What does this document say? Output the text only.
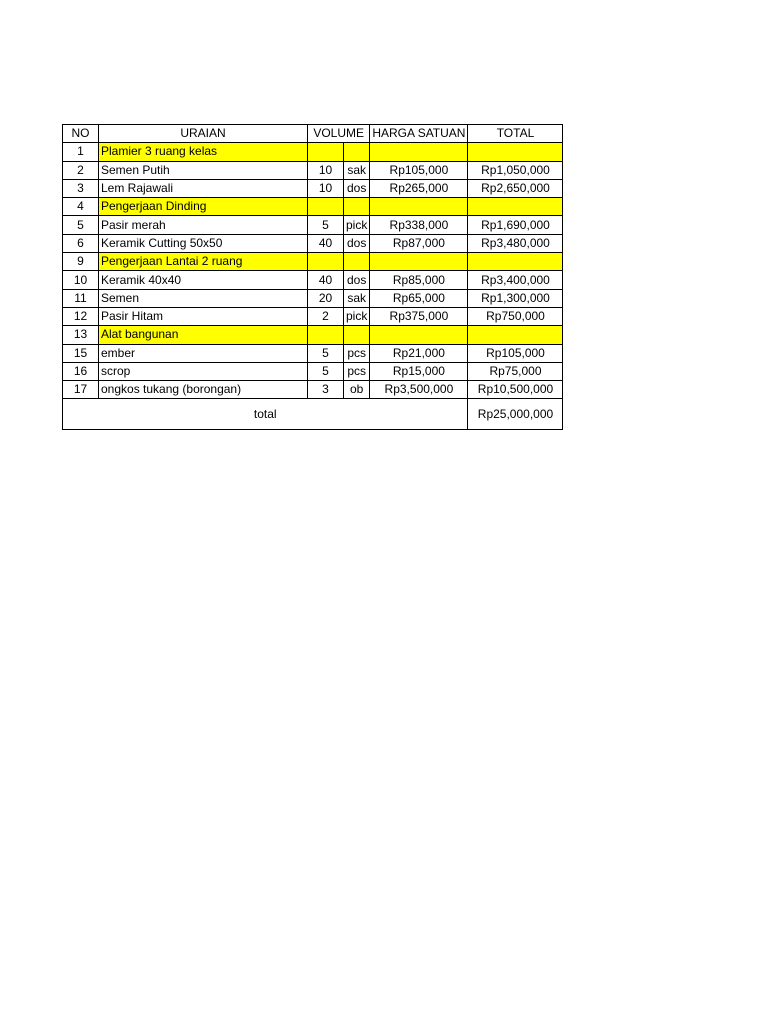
NO	URAIAN	VOLUME		HARGA SATUAN	TOTAL
1	Plamier 3 ruang kelas				
2	Semen Putih	10	sak	Rp105,000	Rp1,050,000
3	Lem Rajawali	10	dos	Rp265,000	Rp2,650,000
4	Pengerjaan Dinding				
5	Pasir merah	5	pick	Rp338,000	Rp1,690,000
6	Keramik Cutting 50x50	40	dos	Rp87,000	Rp3,480,000
9	Pengerjaan Lantai 2 ruang				
10	Keramik 40x40	40	dos	Rp85,000	Rp3,400,000
11	Semen	20	sak	Rp65,000	Rp1,300,000
12	Pasir Hitam	2	pick	Rp375,000	Rp750,000
13	Alat bangunan				
15	ember	5	pcs	Rp21,000	Rp105,000
16	scrop	5	pcs	Rp15,000	Rp75,000
17	ongkos tukang (borongan)	3	ob	Rp3,500,000	Rp10,500,000
total					Rp25,000,000
